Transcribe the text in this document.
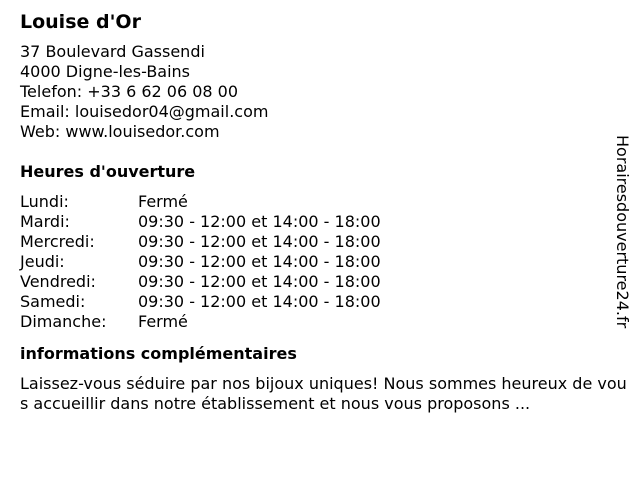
Louise d'Or
37 Boulevard Gassendi
4000 Digne-les-Bains
Telefon: +33 6 62 06 08 00
Email: louisedor04@gmail.com
Web: www.louisedor.com
Heures d'ouverture
Lundi:	Fermé
Mardi:	09:30 - 12:00 et 14:00 - 18:00
Mercredi:	09:30 - 12:00 et 14:00 - 18:00
Jeudi:	09:30 - 12:00 et 14:00 - 18:00
Vendredi:	09:30 - 12:00 et 14:00 - 18:00
Samedi:	09:30 - 12:00 et 14:00 - 18:00
Dimanche:	Fermé
informations complémentaires
Laissez-vous séduire par nos bijoux uniques! Nous sommes heureux de vous accueillir dans notre établissement et nous vous proposons ...
Horairesdouverture24.fr
